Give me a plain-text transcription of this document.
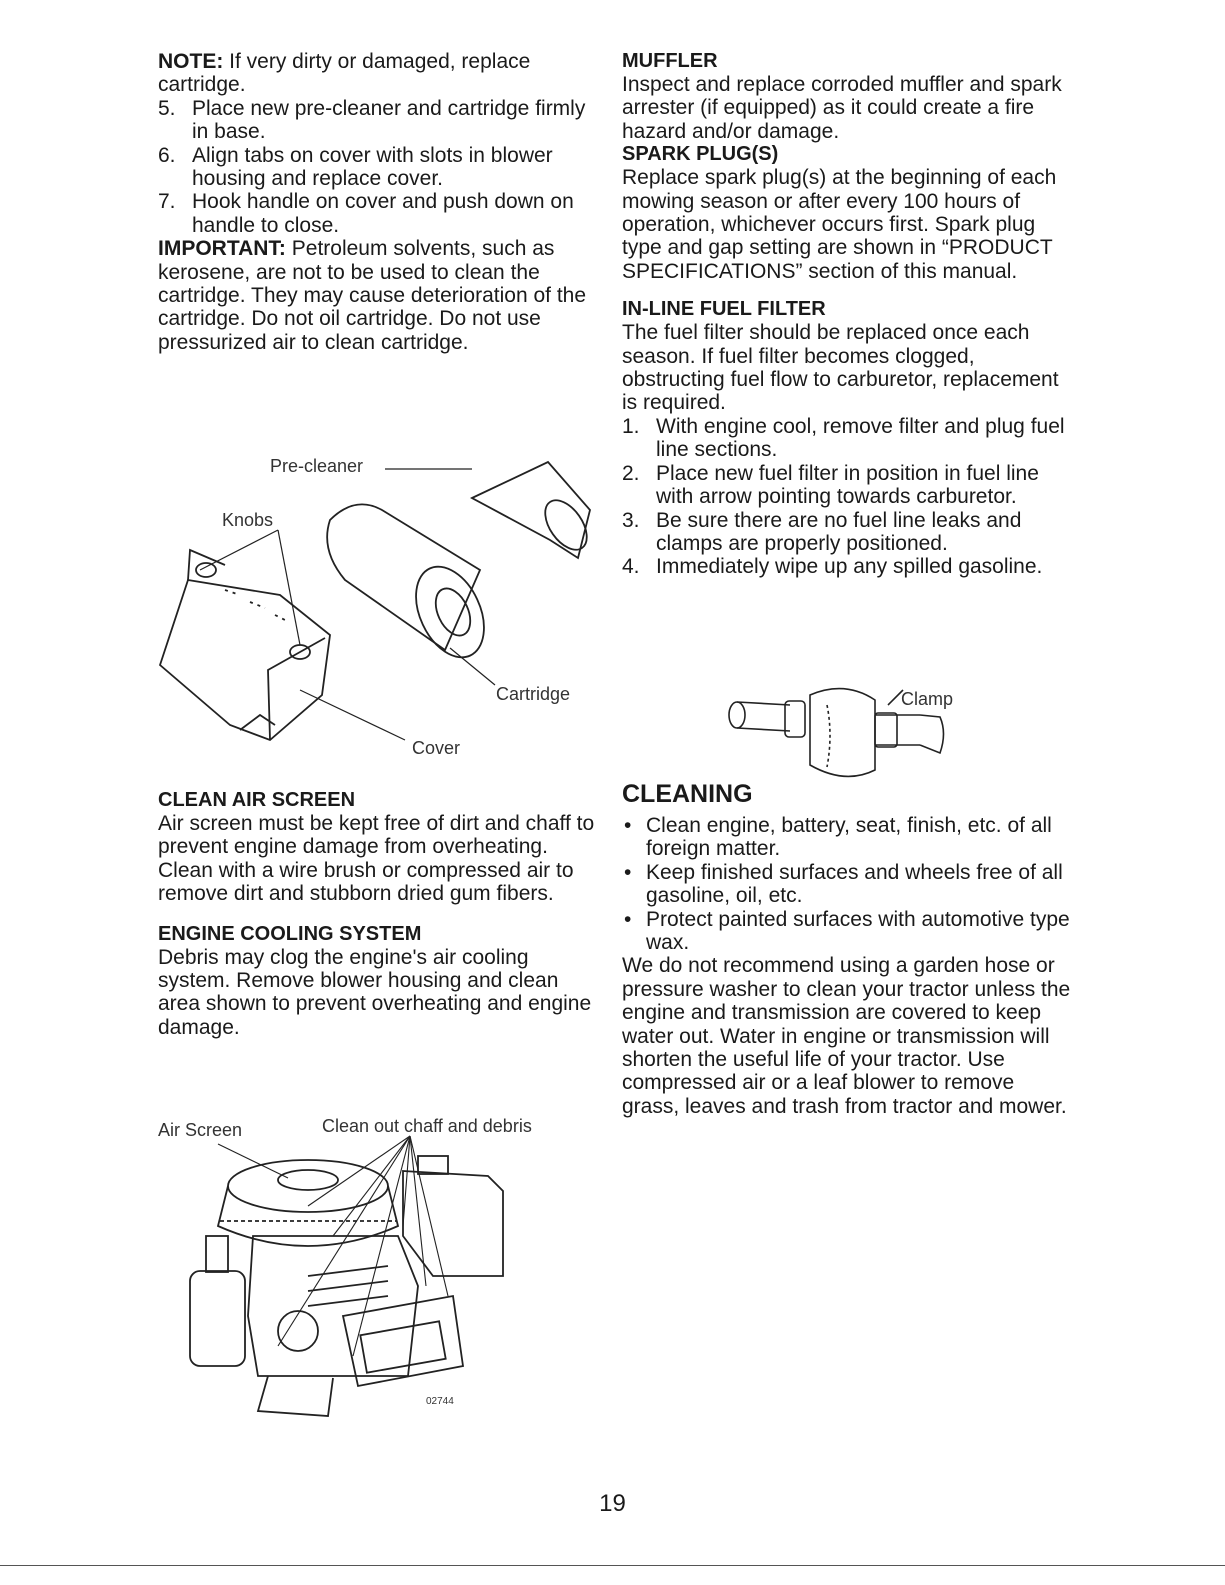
NOTE: If very dirty or damaged, replace cartridge.

5. Place new pre-cleaner and cartridge firmly in base.
6. Align tabs on cover with slots in blower housing and replace cover.
7. Hook handle on cover and push down on handle to close.

IMPORTANT: Petroleum solvents, such as kerosene, are not to be used to clean the cartridge. They may cause deterioration of the cartridge. Do not oil cartridge. Do not use pressurized air to clean cartridge.

Pre-cleaner
Knobs
Cartridge
Cover
CLEAN AIR SCREEN

Air screen must be kept free of dirt and chaff to prevent engine damage from overheating. Clean with a wire brush or compressed air to remove dirt and stubborn dried gum fibers.

ENGINE COOLING SYSTEM

Debris may clog the engine's air cooling system. Remove blower housing and clean area shown to prevent overheating and engine damage.

Air Screen	Clean out chaff and debris
02744
MUFFLER

Inspect and replace corroded muffler and spark arrester (if equipped) as it could create a fire hazard and/or damage.

SPARK PLUG(S)

Replace spark plug(s) at the beginning of each mowing season or after every 100 hours of operation, whichever occurs first. Spark plug type and gap setting are shown in “PRODUCT SPECIFICATIONS” section of this manual.

IN-LINE FUEL FILTER

The fuel filter should be replaced once each season. If fuel filter becomes clogged, obstructing fuel flow to carburetor, replacement is required.

1. With engine cool, remove filter and plug fuel line sections.
2. Place new fuel filter in position in fuel line with arrow pointing towards carburetor.
3. Be sure there are no fuel line leaks and clamps are properly positioned.
4. Immediately wipe up any spilled gasoline.
Clamp
CLEANING
• Clean engine, battery, seat, finish, etc. of all foreign matter.
• Keep finished surfaces and wheels free of all gasoline, oil, etc.
• Protect painted surfaces with automotive type wax.

We do not recommend using a garden hose or pressure washer to clean your tractor unless the engine and transmission are covered to keep water out. Water in engine or transmission will shorten the useful life of your tractor. Use compressed air or a leaf blower to remove grass, leaves and trash from tractor and mower.

19
